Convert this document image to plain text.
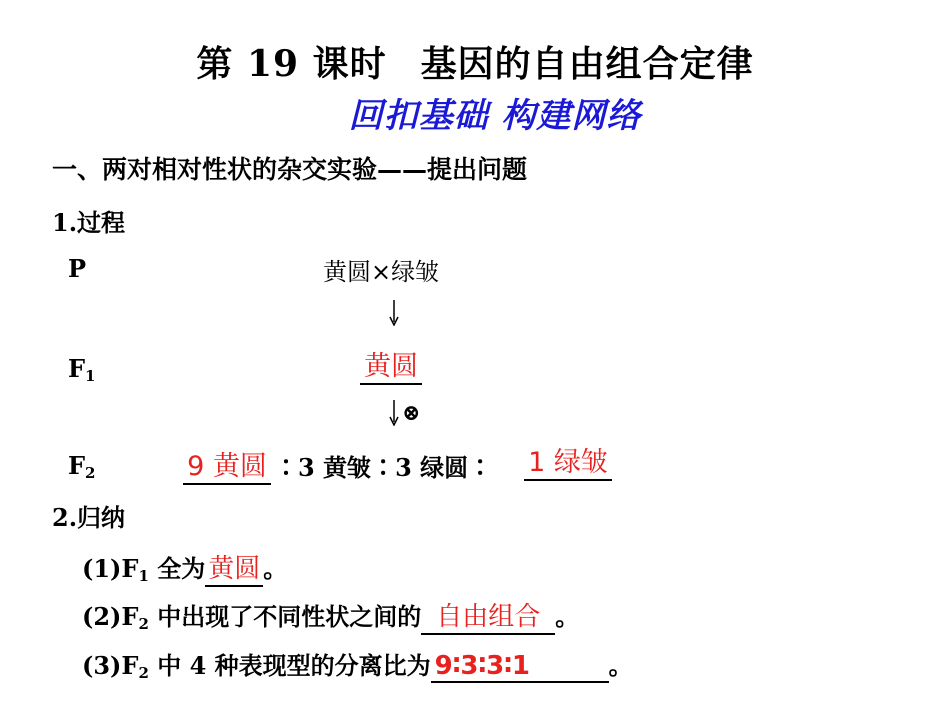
第 19 课时 基因的自由组合定律
回扣基础 构建网络
一、两对相对性状的杂交实验——提出问题
1.过程
P	黄圆×绿皱
$F_1$	黄圆
⊗
$F_2$	9 黄圆 ∶3 黄皱∶3 绿圆∶ 1 绿皱
2.归纳
$(1)F_1$ 全为 黄圆 。
$(2)F_2$ 中出现了不同性状之间的 自由组合 。
$(3)F_2$ 中 4 种表现型的分离比为 9∶3∶3∶1	。
